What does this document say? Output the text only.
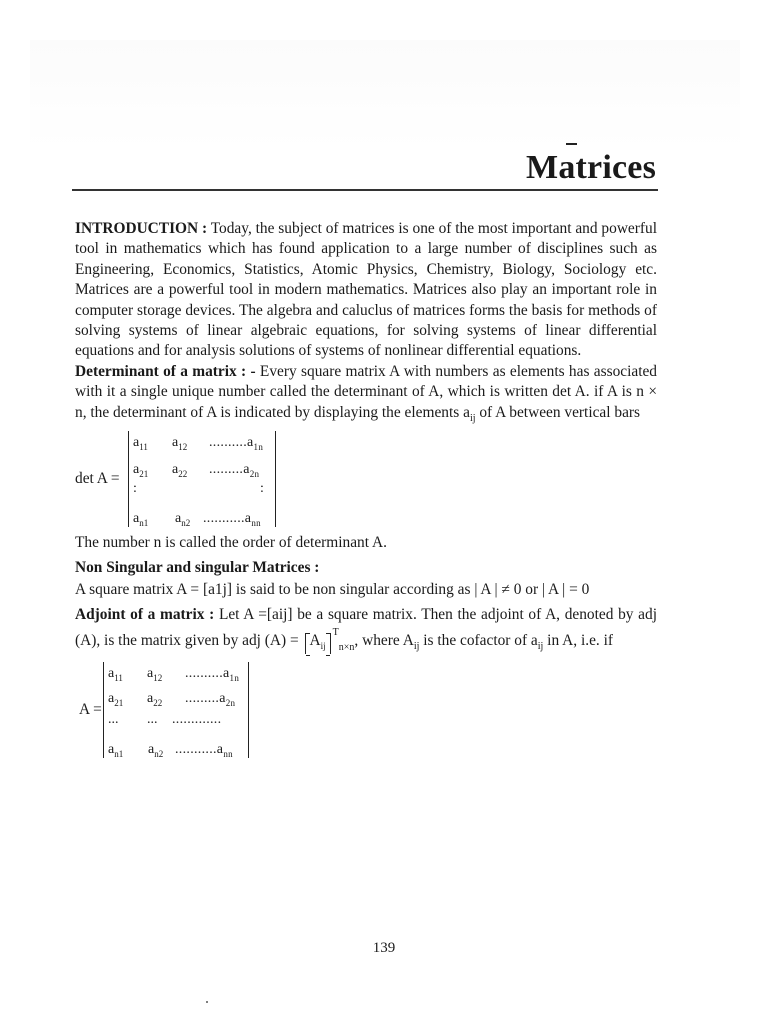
Matrices

INTRODUCTION : Today, the subject of matrices is one of the most important and powerful tool in mathematics which has found application to a large number of disciplines such as Engineering, Economics, Statistics, Atomic Physics, Chemistry, Biology, Sociology etc. Matrices are a powerful tool in modern mathematics. Matrices also play an important role in computer storage devices. The algebra and caluclus of matrices forms the basis for methods of solving systems of linear algebraic equations, for solving systems of linear differential equations and for analysis solutions of systems of nonlinear differential equations.

Determinant of a matrix : - Every square matrix A with numbers as elements has associated with it a single unique number called the determinant of A, which is written det A. if A is n × n, the determinant of A is indicated by displaying the elements $a_{ij}$ of A between vertical bars

det A =
$a_{11}$ $a_{12}$ $..........a_{1n}$
$a_{21}$ $a_{22}$ $.........a_{2n}$
:	:
$a_{n1}$ $a_{n2}$ $...........a_{nn}$

The number n is called the order of determinant A.

Non Singular and singular Matrices :

A square matrix A = [a1j] is said to be non singular according as | A | ≠ 0 or | A | = 0

Adjoint of a matrix : Let A =[aij] be a square matrix. Then the adjoint of A, denoted by adj (A), is the matrix given by adj $(A) = A_{ij}^T_{n\times n}$, where $A_{ij}$ is the cofactor of $a_{ij}$ in A, i.e. if

A =
$a_{11}$ $a_{12}$ $..........a_{1n}$
$a_{21}$ $a_{22}$ $.........a_{2n}$
... ... .............
$a_{n1}$ $a_{n2}$ $...........a_{nn}$
139
